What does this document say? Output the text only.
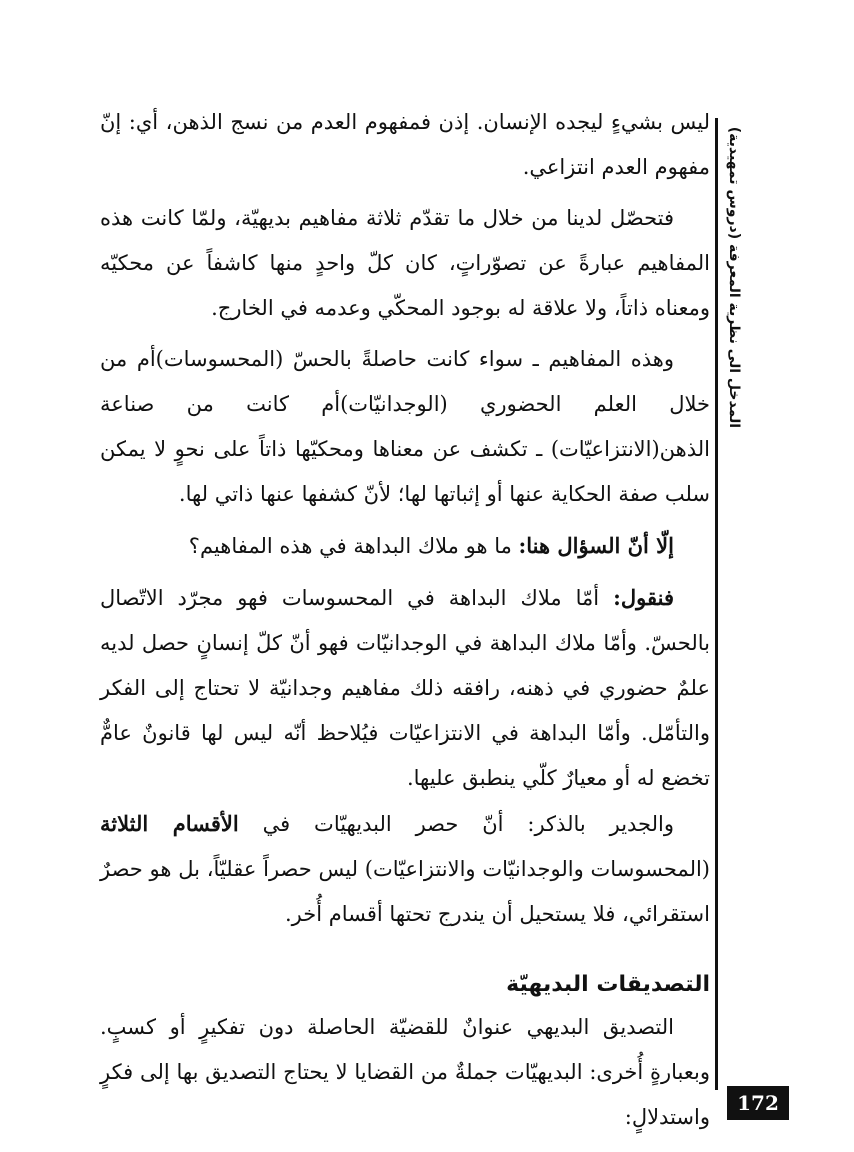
المدخل الى نظرية المعرفة (دروس تمهيدية)

ليس بشيءٍ ليجده الإنسان. إذن فمفهوم العدم من نسج الذهن، أي: إنّ مفهوم العدم انتزاعي.

فتحصّل لدينا من خلال ما تقدّم ثلاثة مفاهيم بديهيّة، ولمّا كانت هذه المفاهيم عبارةً عن تصوّراتٍ، كان كلّ واحدٍ منها كاشفاً عن محكيّه ومعناه ذاتاً، ولا علاقة له بوجود المحكّي وعدمه في الخارج.

وهذه المفاهيم ـ سواء كانت حاصلةً بالحسّ (المحسوسات)أم من خلال العلم الحضوري (الوجدانيّات)أم كانت من صناعة الذهن(الانتزاعيّات) ـ تكشف عن معناها ومحكيّها ذاتاً على نحوٍ لا يمكن سلب صفة الحكاية عنها أو إثباتها لها؛ لأنّ كشفها عنها ذاتي لها.

إلّا أنّ السؤال هنا: ما هو ملاك البداهة في هذه المفاهيم؟

فنقول: أمّا ملاك البداهة في المحسوسات فهو مجرّد الاتّصال بالحسّ. وأمّا ملاك البداهة في الوجدانيّات فهو أنّ كلّ إنسانٍ حصل لديه علمٌ حضوري في ذهنه، رافقه ذلك مفاهيم وجدانيّة لا تحتاج إلى الفكر والتأمّل. وأمّا البداهة في الانتزاعيّات فيُلاحظ أنّه ليس لها قانونٌ عامٌّ تخضع له أو معيارٌ كلّي ينطبق عليها.

والجدير بالذكر: أنّ حصر البديهيّات في الأقسام الثلاثة (المحسوسات والوجدانيّات والانتزاعيّات) ليس حصراً عقليّاً، بل هو حصرٌ استقرائي، فلا يستحيل أن يندرج تحتها أقسام أُخر.

التصديقات البديهيّة

التصديق البديهي عنوانٌ للقضيّة الحاصلة دون تفكيرٍ أو كسبٍ. وبعبارةٍ أُخرى: البديهيّات جملةٌ من القضايا لا يحتاج التصديق بها إلى فكرٍ واستدلالٍ:

172
